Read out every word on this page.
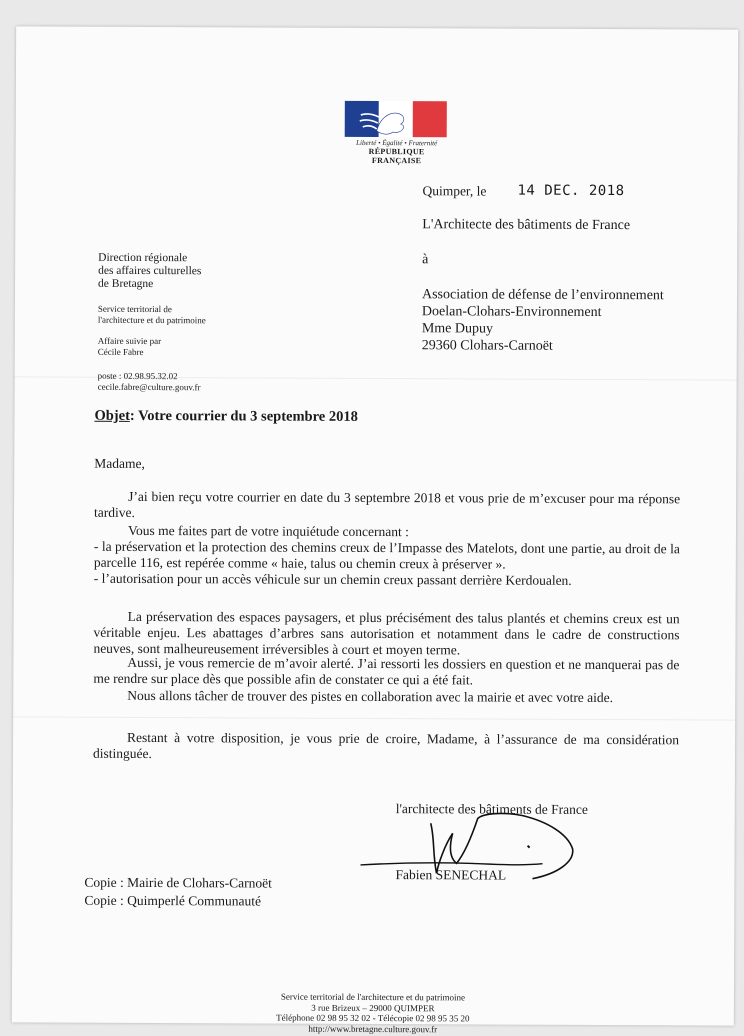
Liberté • Égalité • Fraternité
RÉPUBLIQUE FRANÇAISE
Quimper, le 14 DEC. 2018
L'Architecte des bâtiments de France
à
Association de défense de l’environnement
Doelan-Clohars-Environnement
Mme Dupuy
29360 Clohars-Carnoët
Direction régionale
des affaires culturelles
de Bretagne
Service territorial de
l'architecture et du patrimoine
Affaire suivie par
Cécile Fabre
poste : 02.98.95.32.02
cecile.fabre@culture.gouv.fr
Objet: Votre courrier du 3 septembre 2018

Madame,

J’ai bien reçu votre courrier en date du 3 septembre 2018 et vous prie de m’excuser pour ma réponse tardive.

Vous me faites part de votre inquiétude concernant :

- la préservation et la protection des chemins creux de l’Impasse des Matelots, dont une partie, au droit de la parcelle 116, est repérée comme « haie, talus ou chemin creux à préserver ».

- l’autorisation pour un accès véhicule sur un chemin creux passant derrière Kerdoualen.

La préservation des espaces paysagers, et plus précisément des talus plantés et chemins creux est un véritable enjeu. Les abattages d’arbres sans autorisation et notamment dans le cadre de constructions neuves, sont malheureusement irréversibles à court et moyen terme.

Aussi, je vous remercie de m’avoir alerté. J’ai ressorti les dossiers en question et ne manquerai pas de me rendre sur place dès que possible afin de constater ce qui a été fait.

Nous allons tâcher de trouver des pistes en collaboration avec la mairie et avec votre aide.

Restant à votre disposition, je vous prie de croire, Madame, à l’assurance de ma considération distinguée.

l'architecte des bâtiments de France
Fabien SENECHAL
Copie : Mairie de Clohars-Carnoët
Copie : Quimperlé Communauté
Service territorial de l'architecture et du patrimoine
3 rue Brizeux – 29000 QUIMPER
Téléphone 02 98 95 32 02 - Télécopie 02 98 95 35 20
http://www.bretagne.culture.gouv.fr
